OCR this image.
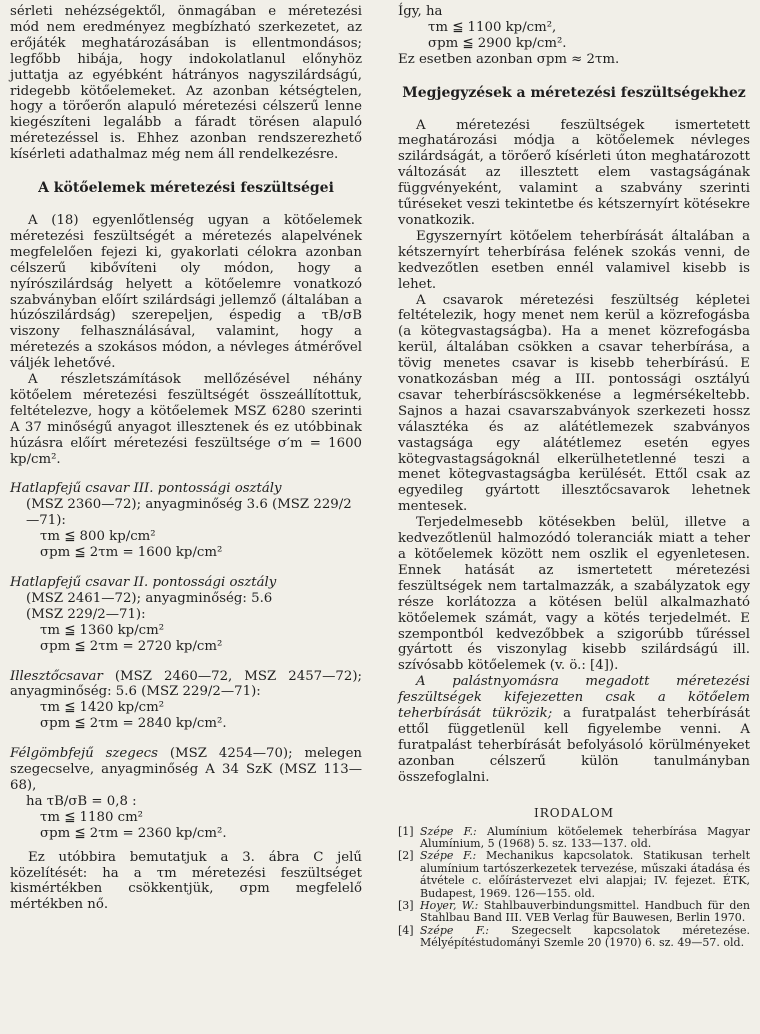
sérleti nehézségektől, önmagában e méretezési mód nem eredményez megbízható szerkezetet, az erőjáték meghatározásában is ellentmondásos; legfőbb hibája, hogy indokolatlanul előnyhöz juttatja az egyébként hátrányos nagyszilárdságú, ridegebb kötőelemeket. Az azonban kétségtelen, hogy a törőerőn alapuló méretezési célszerű lenne kiegészíteni legalább a fáradt törésen alapuló méretezéssel is. Ehhez azonban rendszerezhető kísérleti adathalmaz még nem áll rendelkezésre.

A kötőelemek méretezési feszültségei

A (18) egyenlőtlenség ugyan a kötőelemek méretezési feszültségét a méretezés alapelvének megfelelően fejezi ki, gyakorlati célokra azonban célszerű kibővíteni oly módon, hogy a nyírószilárdság helyett a kötőelemre vonatkozó szabványban előírt szilárdsági jellemző (általában a húzószilárdság) szerepeljen, éspedig a τB/σB viszony felhasználásával, valamint, hogy a méretezés a szokásos módon, a névleges átmérővel váljék lehetővé.

A részletszámítások mellőzésével néhány kötőelem méretezési feszültségét összeállítottuk, feltételezve, hogy a kötőelemek MSZ 6280 szerinti A 37 minőségű anyagot illesztenek és ez utóbbinak húzásra előírt méretezési feszültsége σ′m = 1600 kp/cm².

Hatlapfejű csavar III. pontossági osztály
(MSZ 2360—72); anyagminőség 3.6 (MSZ 229/2—71):
τm ≦ 800 kp/cm²
σpm ≦ 2τm = 1600 kp/cm²
Hatlapfejű csavar II. pontossági osztály
(MSZ 2461—72); anyagminőség: 5.6
(MSZ 229/2—71):
τm ≦ 1360 kp/cm²
σpm ≦ 2τm = 2720 kp/cm²

Illesztőcsavar (MSZ 2460—72, MSZ 2457—72); anyagminőség: 5.6 (MSZ 229/2—71):

τm ≦ 1420 kp/cm²
σpm ≦ 2τm = 2840 kp/cm².

Félgömbfejű szegecs (MSZ 4254—70); melegen szegecselve, anyagminőség A 34 SzK (MSZ 113—68),

ha τB/σB = 0,8 :
τm ≦ 1180 cm²
σpm ≦ 2τm = 2360 kp/cm².

Ez utóbbira bemutatjuk a 3. ábra C jelű közelítését: ha a τm méretezési feszültséget kismértékben csökkentjük, σpm megfelelő mértékben nő.

Így, ha
τm ≦ 1100 kp/cm²,
σpm ≦ 2900 kp/cm².

Ez esetben azonban σpm ≈ 2τm.

Megjegyzések a méretezési feszültségekhez

A méretezési feszültségek ismertetett meghatározási módja a kötőelemek névleges szilárdságát, a törőerő kísérleti úton meghatározott változását az illesztett elem vastagságának függvényeként, valamint a szabvány szerinti tűréseket veszi tekintetbe és kétszernyírt kötésekre vonatkozik.

Egyszernyírt kötőelem teherbírását általában a kétszernyírt teherbírása felének szokás venni, de kedvezőtlen esetben ennél valamivel kisebb is lehet.

A csavarok méretezési feszültség képletei feltételezik, hogy menet nem kerül a közrefogásba (a kötegvastagságba). Ha a menet közrefogásba kerül, általában csökken a csavar teherbírása, a tövig menetes csavar is kisebb teherbírású. E vonatkozásban még a III. pontossági osztályú csavar teherbíráscsökkenése a legmérsékeltebb. Sajnos a hazai csavarszabványok szerkezeti hossz választéka és az alátétlemezek szabványos vastagsága egy alátétlemez esetén egyes kötegvastagságoknál elkerülhetetlenné teszi a menet kötegvastagságba kerülését. Ettől csak az egyedileg gyártott illesztőcsavarok lehetnek mentesek.

Terjedelmesebb kötésekben belül, illetve a kedvezőtlenül halmozódó toleranciák miatt a teher a kötőelemek között nem oszlik el egyenletesen. Ennek hatását az ismertetett méretezési feszültségek nem tartalmazzák, a szabályzatok egy része korlátozza a kötésen belül alkalmazható kötőelemek számát, vagy a kötés terjedelmét. E szempontból kedvezőbbek a szigorúbb tűréssel gyártott és viszonylag kisebb szilárdságú ill. szívósabb kötőelemek (v. ö.: [4]).

A palástnyomásra megadott méretezési feszültségek kifejezetten csak a kötőelem teherbírását tükrözik; a furatpalást teherbírását ettől függetlenül kell figyelembe venni. A furatpalást teherbírását befolyásoló körülményeket azonban célszerű külön tanulmányban összefoglalni.

IRODALOM
[1] Szépe F.: Alumínium kötőelemek teherbírása Magyar Alumínium, 5 (1968) 5. sz. 133—137. old.
[2] Szépe F.: Mechanikus kapcsolatok. Statikusan terhelt alumínium tartószerkezetek tervezése, műszaki átadása és átvétele c. előírástervezet elvi alapjai; IV. fejezet. ÉTK, Budapest, 1969. 126—155. old.
[3] Hoyer, W.: Stahlbauverbindungsmittel. Handbuch für den Stahlbau Band III. VEB Verlag für Bauwesen, Berlin 1970.
[4] Szépe F.: Szegecselt kapcsolatok méretezése. Mélyépítéstudományi Szemle 20 (1970) 6. sz. 49—57. old.
